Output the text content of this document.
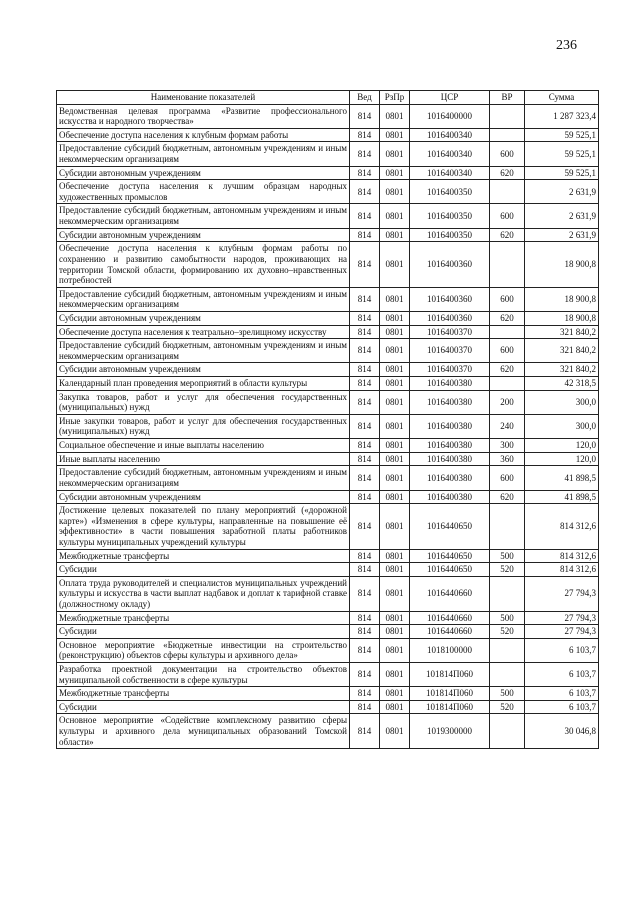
236
Наименование показателей	Вед	РзПр	ЦСР	ВР	Сумма
Ведомственная целевая программа «Развитие профессионального искусства и народного творчества»	814	0801	1016400000		1 287 323,4
Обеспечение доступа населения к клубным формам работы	814	0801	1016400340		59 525,1
Предоставление субсидий бюджетным, автономным учреждениям и иным некоммерческим организациям	814	0801	1016400340	600	59 525,1
Субсидии автономным учреждениям	814	0801	1016400340	620	59 525,1
Обеспечение доступа населения к лучшим образцам народных художественных промыслов	814	0801	1016400350		2 631,9
Предоставление субсидий бюджетным, автономным учреждениям и иным некоммерческим организациям	814	0801	1016400350	600	2 631,9
Субсидии автономным учреждениям	814	0801	1016400350	620	2 631,9
Обеспечение доступа населения к клубным формам работы по сохранению и развитию самобытности народов, проживающих на территории Томской области, формированию их духовно–нравственных потребностей	814	0801	1016400360		18 900,8
Предоставление субсидий бюджетным, автономным учреждениям и иным некоммерческим организациям	814	0801	1016400360	600	18 900,8
Субсидии автономным учреждениям	814	0801	1016400360	620	18 900,8
Обеспечение доступа населения к театрально–зрелищному искусству	814	0801	1016400370		321 840,2
Предоставление субсидий бюджетным, автономным учреждениям и иным некоммерческим организациям	814	0801	1016400370	600	321 840,2
Субсидии автономным учреждениям	814	0801	1016400370	620	321 840,2
Календарный план проведения мероприятий в области культуры	814	0801	1016400380		42 318,5
Закупка товаров, работ и услуг для обеспечения государственных (муниципальных) нужд	814	0801	1016400380	200	300,0
Иные закупки товаров, работ и услуг для обеспечения государственных (муниципальных) нужд	814	0801	1016400380	240	300,0
Социальное обеспечение и иные выплаты населению	814	0801	1016400380	300	120,0
Иные выплаты населению	814	0801	1016400380	360	120,0
Предоставление субсидий бюджетным, автономным учреждениям и иным некоммерческим организациям	814	0801	1016400380	600	41 898,5
Субсидии автономным учреждениям	814	0801	1016400380	620	41 898,5
Достижение целевых показателей по плану мероприятий («дорожной карте») «Изменения в сфере культуры, направленные на повышение её эффективности» в части повышения заработной платы работников культуры муниципальных учреждений культуры	814	0801	1016440650		814 312,6
Межбюджетные трансферты	814	0801	1016440650	500	814 312,6
Субсидии	814	0801	1016440650	520	814 312,6
Оплата труда руководителей и специалистов муниципальных учреждений культуры и искусства в части выплат надбавок и доплат к тарифной ставке (должностному окладу)	814	0801	1016440660		27 794,3
Межбюджетные трансферты	814	0801	1016440660	500	27 794,3
Субсидии	814	0801	1016440660	520	27 794,3
Основное мероприятие «Бюджетные инвестиции на строительство (реконструкцию) объектов сферы культуры и архивного дела»	814	0801	1018100000		6 103,7
Разработка проектной документации на строительство объектов муниципальной собственности в сфере культуры	814	0801	101814П060		6 103,7
Межбюджетные трансферты	814	0801	101814П060	500	6 103,7
Субсидии	814	0801	101814П060	520	6 103,7
Основное мероприятие «Содействие комплексному развитию сферы культуры и архивного дела муниципальных образований Томской области»	814	0801	1019300000		30 046,8
